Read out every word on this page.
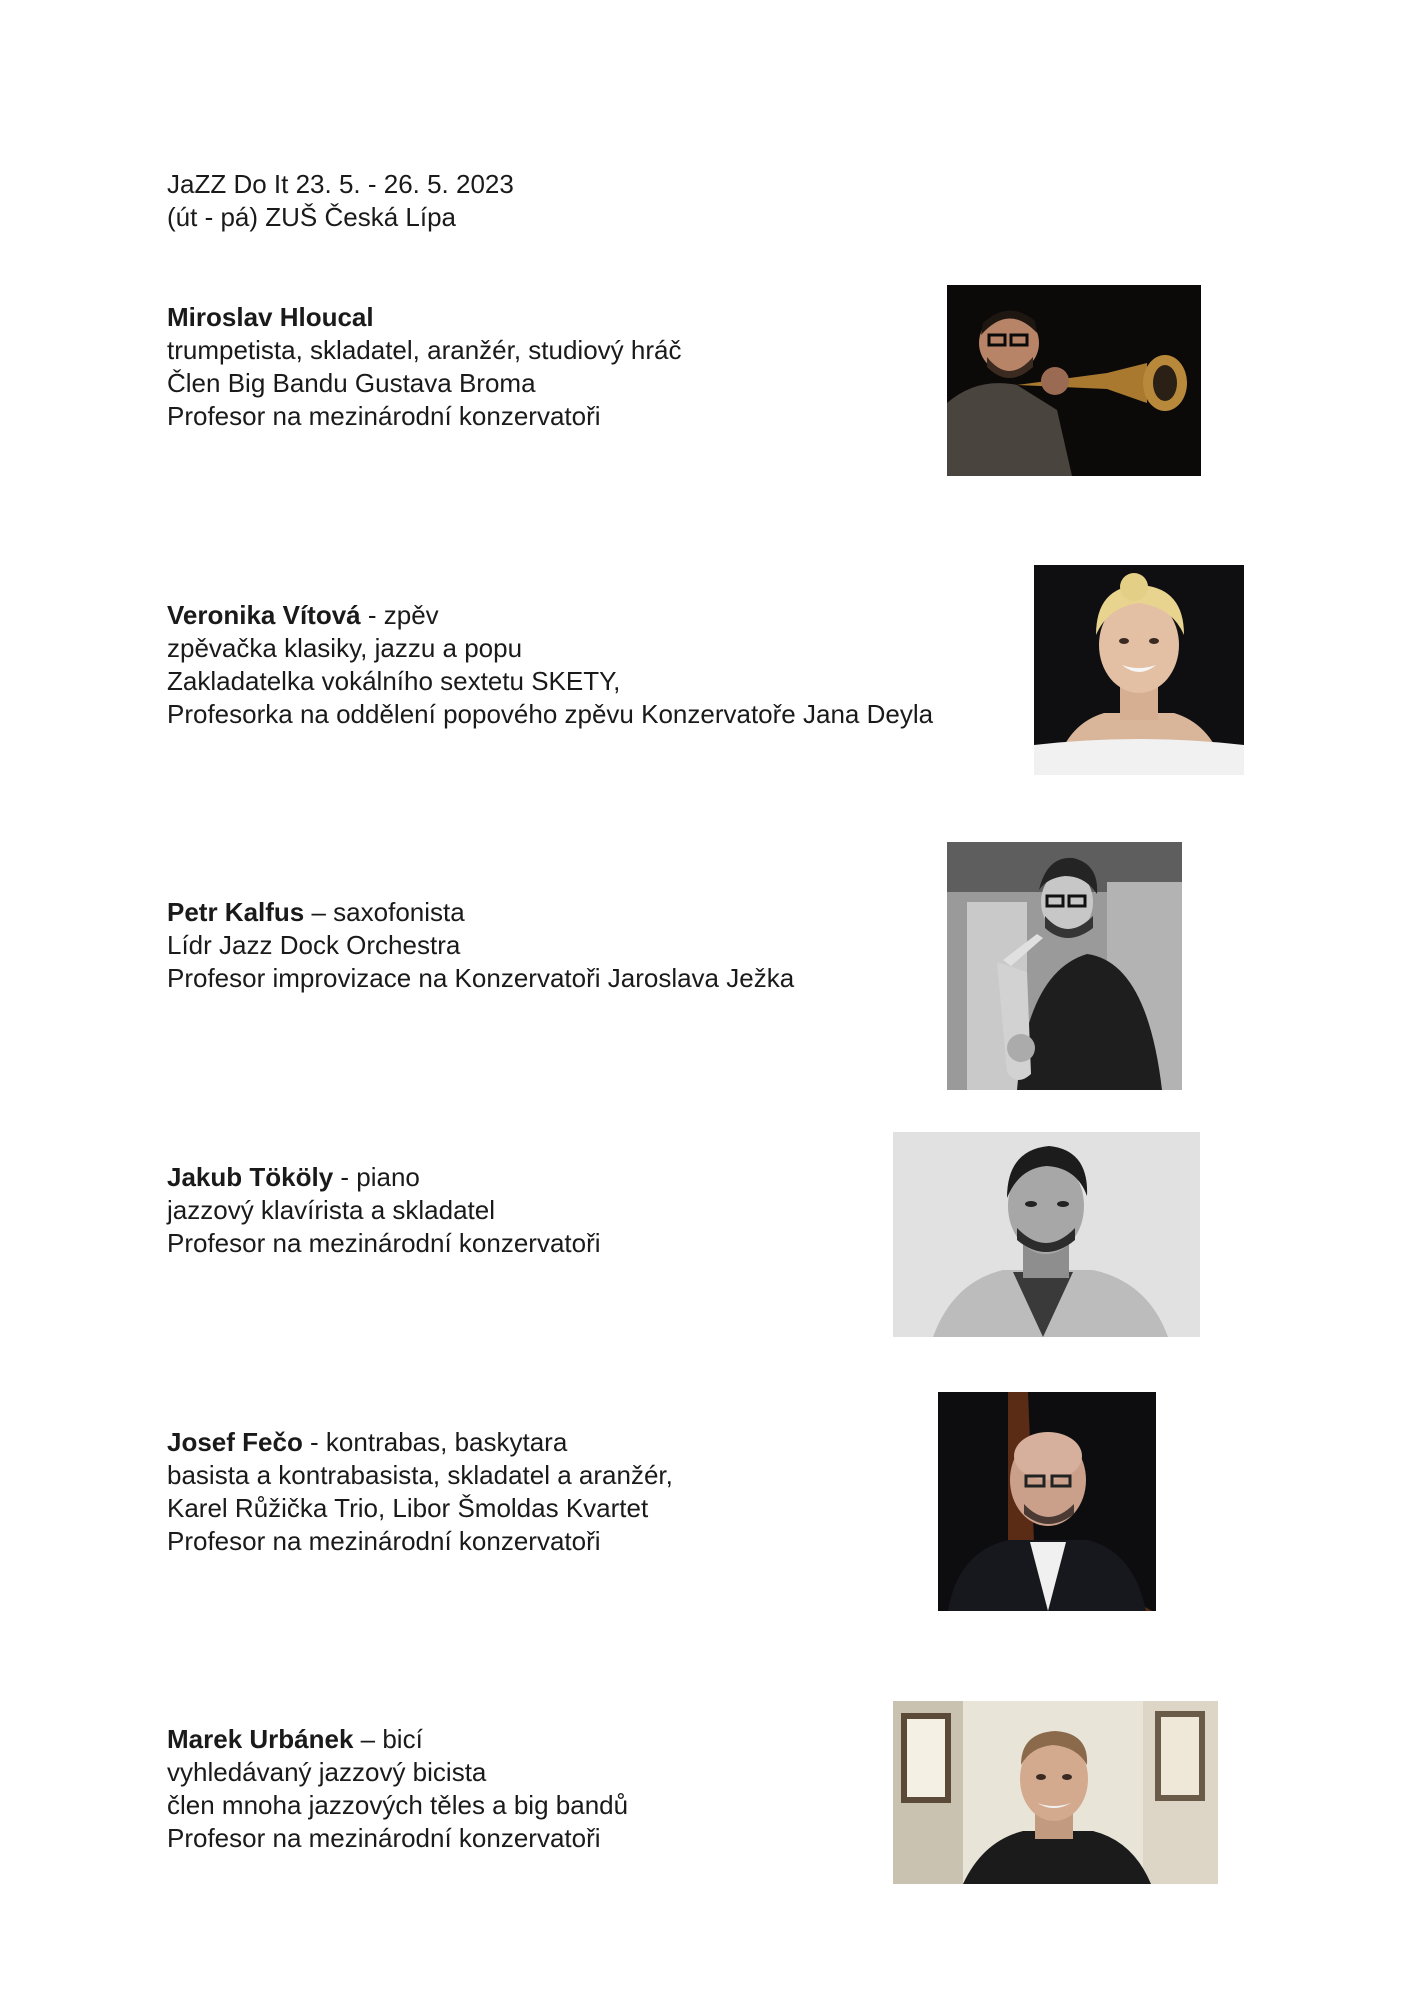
JaZZ Do It 23. 5. - 26. 5. 2023
(út - pá) ZUŠ Česká Lípa
Miroslav Hloucal
trumpetista, skladatel, aranžér, studiový hráč
Člen Big Bandu Gustava Broma
Profesor na mezinárodní konzervatoři
Veronika Vítová - zpěv
zpěvačka klasiky, jazzu a popu
Zakladatelka vokálního sextetu SKETY,
Profesorka na oddělení popového zpěvu Konzervatoře Jana Deyla
Petr Kalfus – saxofonista
Lídr Jazz Dock Orchestra
Profesor improvizace na Konzervatoři Jaroslava Ježka
Jakub Tököly - piano
jazzový klavírista a skladatel
Profesor na mezinárodní konzervatoři
Josef Fečo - kontrabas, baskytara
basista a kontrabasista, skladatel a aranžér,
Karel Růžička Trio, Libor Šmoldas Kvartet
Profesor na mezinárodní konzervatoři
Marek Urbánek – bicí
vyhledávaný jazzový bicista
člen mnoha jazzových těles a big bandů
Profesor na mezinárodní konzervatoři
